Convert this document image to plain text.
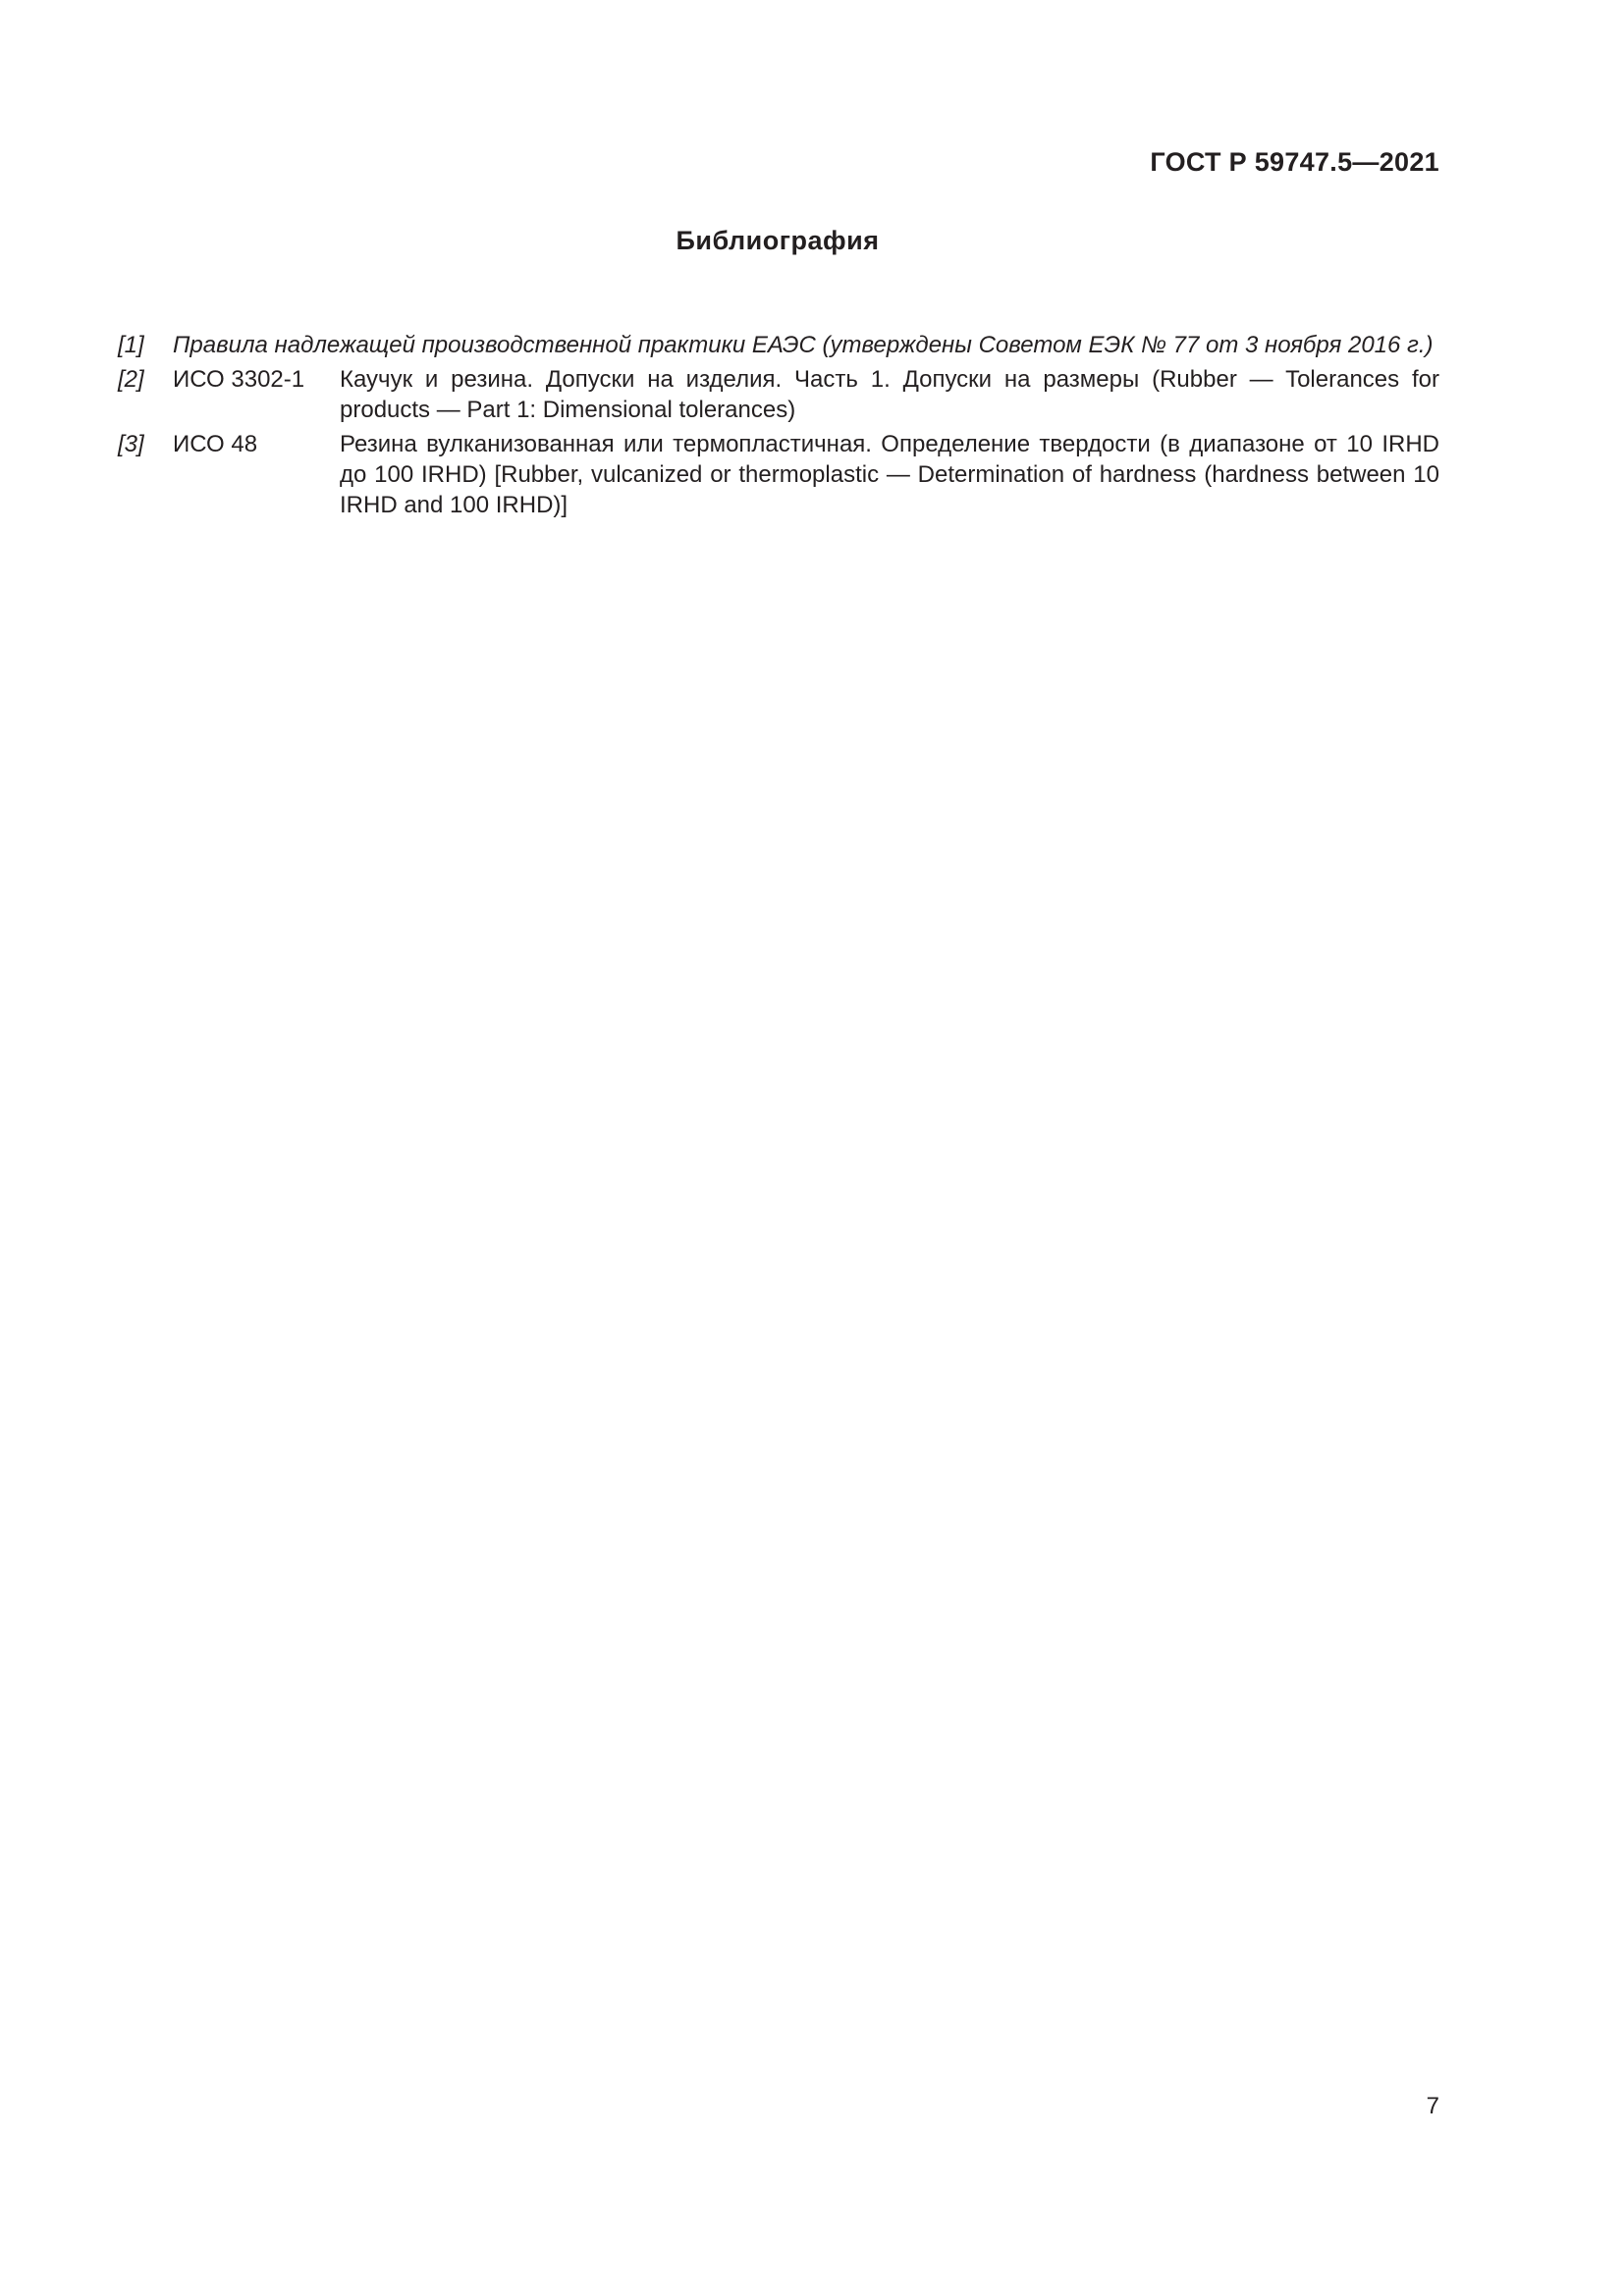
ГОСТ Р 59747.5—2021
Библиография
[1]	Правила надлежащей производственной практики ЕАЭС (утверждены Советом ЕЭК № 77 от 3 ноября 2016 г.)
[2]	ИСО 3302-1	Каучук и резина. Допуски на изделия. Часть 1. Допуски на размеры (Rubber — Tolerances for products — Part 1: Dimensional tolerances)
[3]	ИСО 48	Резина вулканизованная или термопластичная. Определение твердости (в диапазоне от 10 IRHD до 100 IRHD) [Rubber, vulcanized or thermoplastic — Determination of hardness (hardness between 10 IRHD and 100 IRHD)]
7
